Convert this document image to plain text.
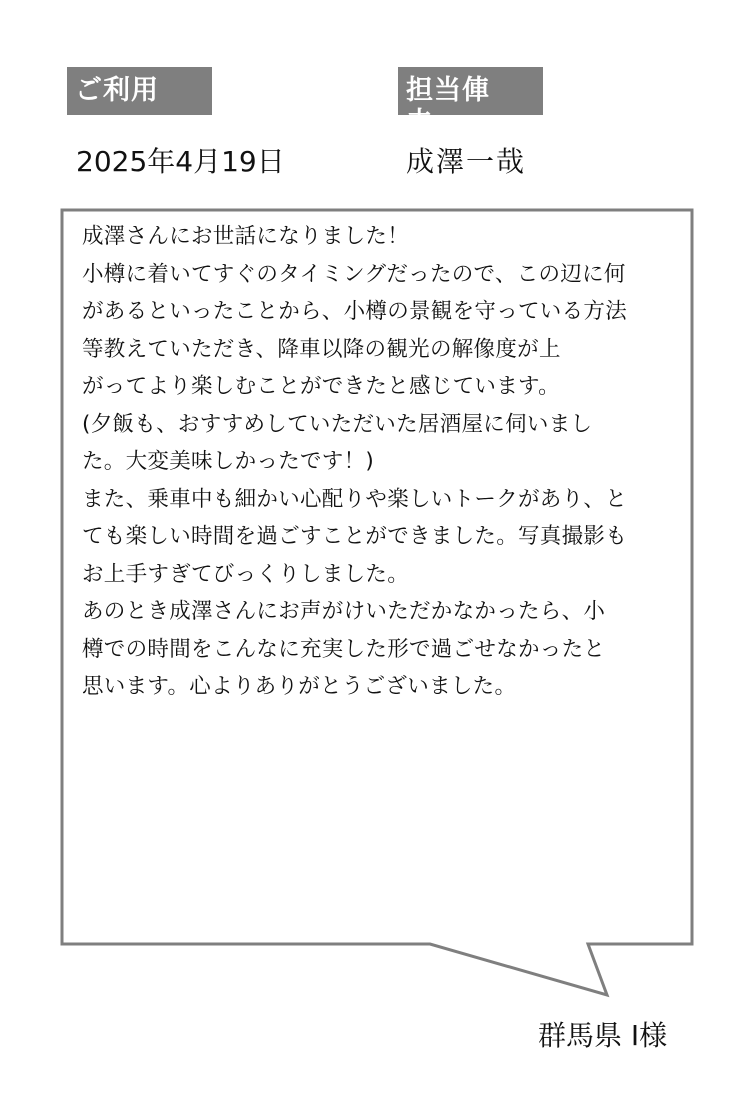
ご利用	担当俥夫
2025年4月19日	成澤一哉

成澤さんにお世話になりました！

小樽に着いてすぐのタイミングだったので、この辺に何

があるといったことから、小樽の景観を守っている方法

等教えていただき、降車以降の観光の解像度が上

がってより楽しむことができたと感じています。

(夕飯も、おすすめしていただいた居酒屋に伺いまし

た。大変美味しかったです！)

また、乗車中も細かい心配りや楽しいトークがあり、と

ても楽しい時間を過ごすことができました。写真撮影も

お上手すぎてびっくりしました。

あのとき成澤さんにお声がけいただかなかったら、小

樽での時間をこんなに充実した形で過ごせなかったと

思います。心よりありがとうございました。

群馬県 I様
